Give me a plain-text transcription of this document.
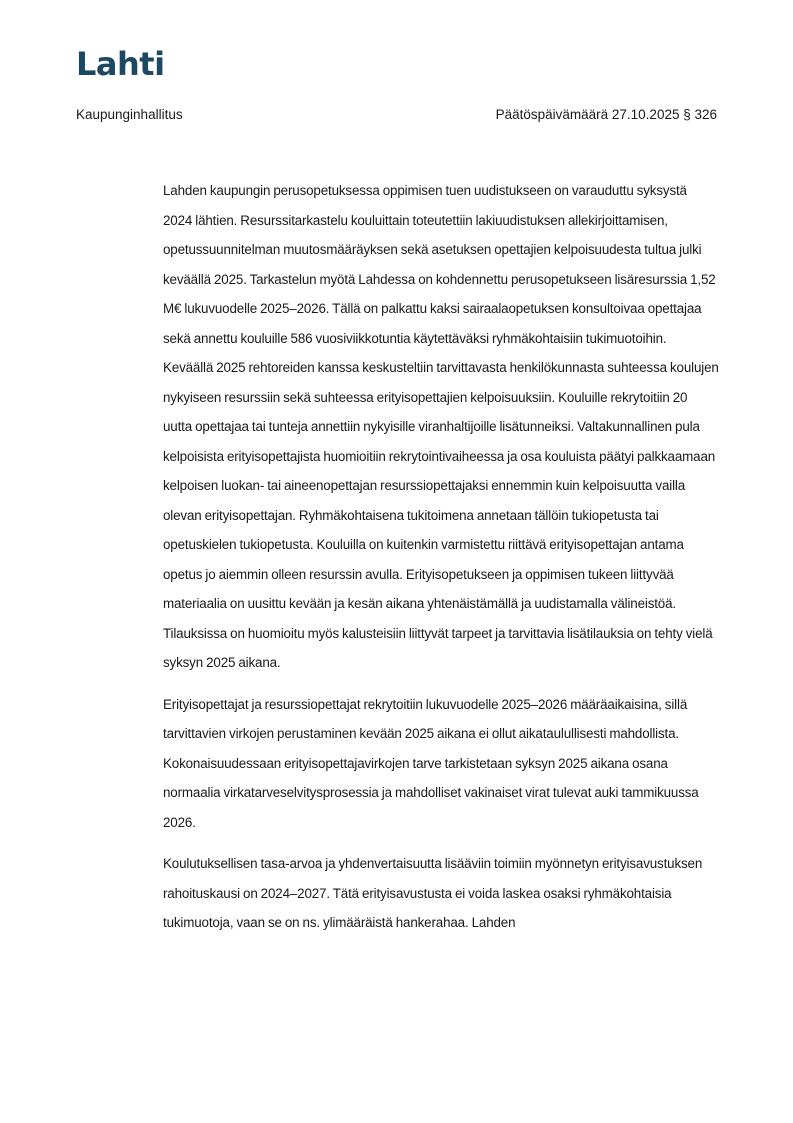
Lahti
Kaupunginhallitus	Päätöspäivämäärä 27.10.2025 § 326

Lahden kaupungin perusopetuksessa oppimisen tuen uudistukseen on varauduttu syksystä 2024 lähtien. Resurssitarkastelu kouluittain toteutettiin lakiuudistuksen allekirjoittamisen, opetussuunnitelman muutosmääräyksen sekä asetuksen opettajien kelpoisuudesta tultua julki keväällä 2025. Tarkastelun myötä Lahdessa on kohdennettu perusopetukseen lisäresurssia 1,52 M€ lukuvuodelle 2025–2026. Tällä on palkattu kaksi sairaalaopetuksen konsultoivaa opettajaa sekä annettu kouluille 586 vuosiviikkotuntia käytettäväksi ryhmäkohtaisiin tukimuotoihin. Keväällä 2025 rehtoreiden kanssa keskusteltiin tarvittavasta henkilökunnasta suhteessa koulujen nykyiseen resurssiin sekä suhteessa erityisopettajien kelpoisuuksiin. Kouluille rekrytoitiin 20 uutta opettajaa tai tunteja annettiin nykyisille viranhaltijoille lisätunneiksi. Valtakunnallinen pula kelpoisista erityisopettajista huomioitiin rekrytointivaiheessa ja osa kouluista päätyi palkkaamaan kelpoisen luokan- tai aineenopettajan resurssiopettajaksi ennemmin kuin kelpoisuutta vailla olevan erityisopettajan. Ryhmäkohtaisena tukitoimena annetaan tällöin tukiopetusta tai opetuskielen tukiopetusta. Kouluilla on kuitenkin varmistettu riittävä erityisopettajan antama opetus jo aiemmin olleen resurssin avulla. Erityisopetukseen ja oppimisen tukeen liittyvää materiaalia on uusittu kevään ja kesän aikana yhtenäistämällä ja uudistamalla välineistöä. Tilauksissa on huomioitu myös kalusteisiin liittyvät tarpeet ja tarvittavia lisätilauksia on tehty vielä syksyn 2025 aikana.

Erityisopettajat ja resurssiopettajat rekrytoitiin lukuvuodelle 2025–2026 määräaikaisina, sillä tarvittavien virkojen perustaminen kevään 2025 aikana ei ollut aikataulullisesti mahdollista. Kokonaisuudessaan erityisopettajavirkojen tarve tarkistetaan syksyn 2025 aikana osana normaalia virkatarveselvitysprosessia ja mahdolliset vakinaiset virat tulevat auki tammikuussa 2026.

Koulutuksellisen tasa-arvoa ja yhdenvertaisuutta lisääviin toimiin myönnetyn erityisavustuksen rahoituskausi on 2024–2027. Tätä erityisavustusta ei voida laskea osaksi ryhmäkohtaisia tukimuotoja, vaan se on ns. ylimääräistä hankerahaa. Lahden
